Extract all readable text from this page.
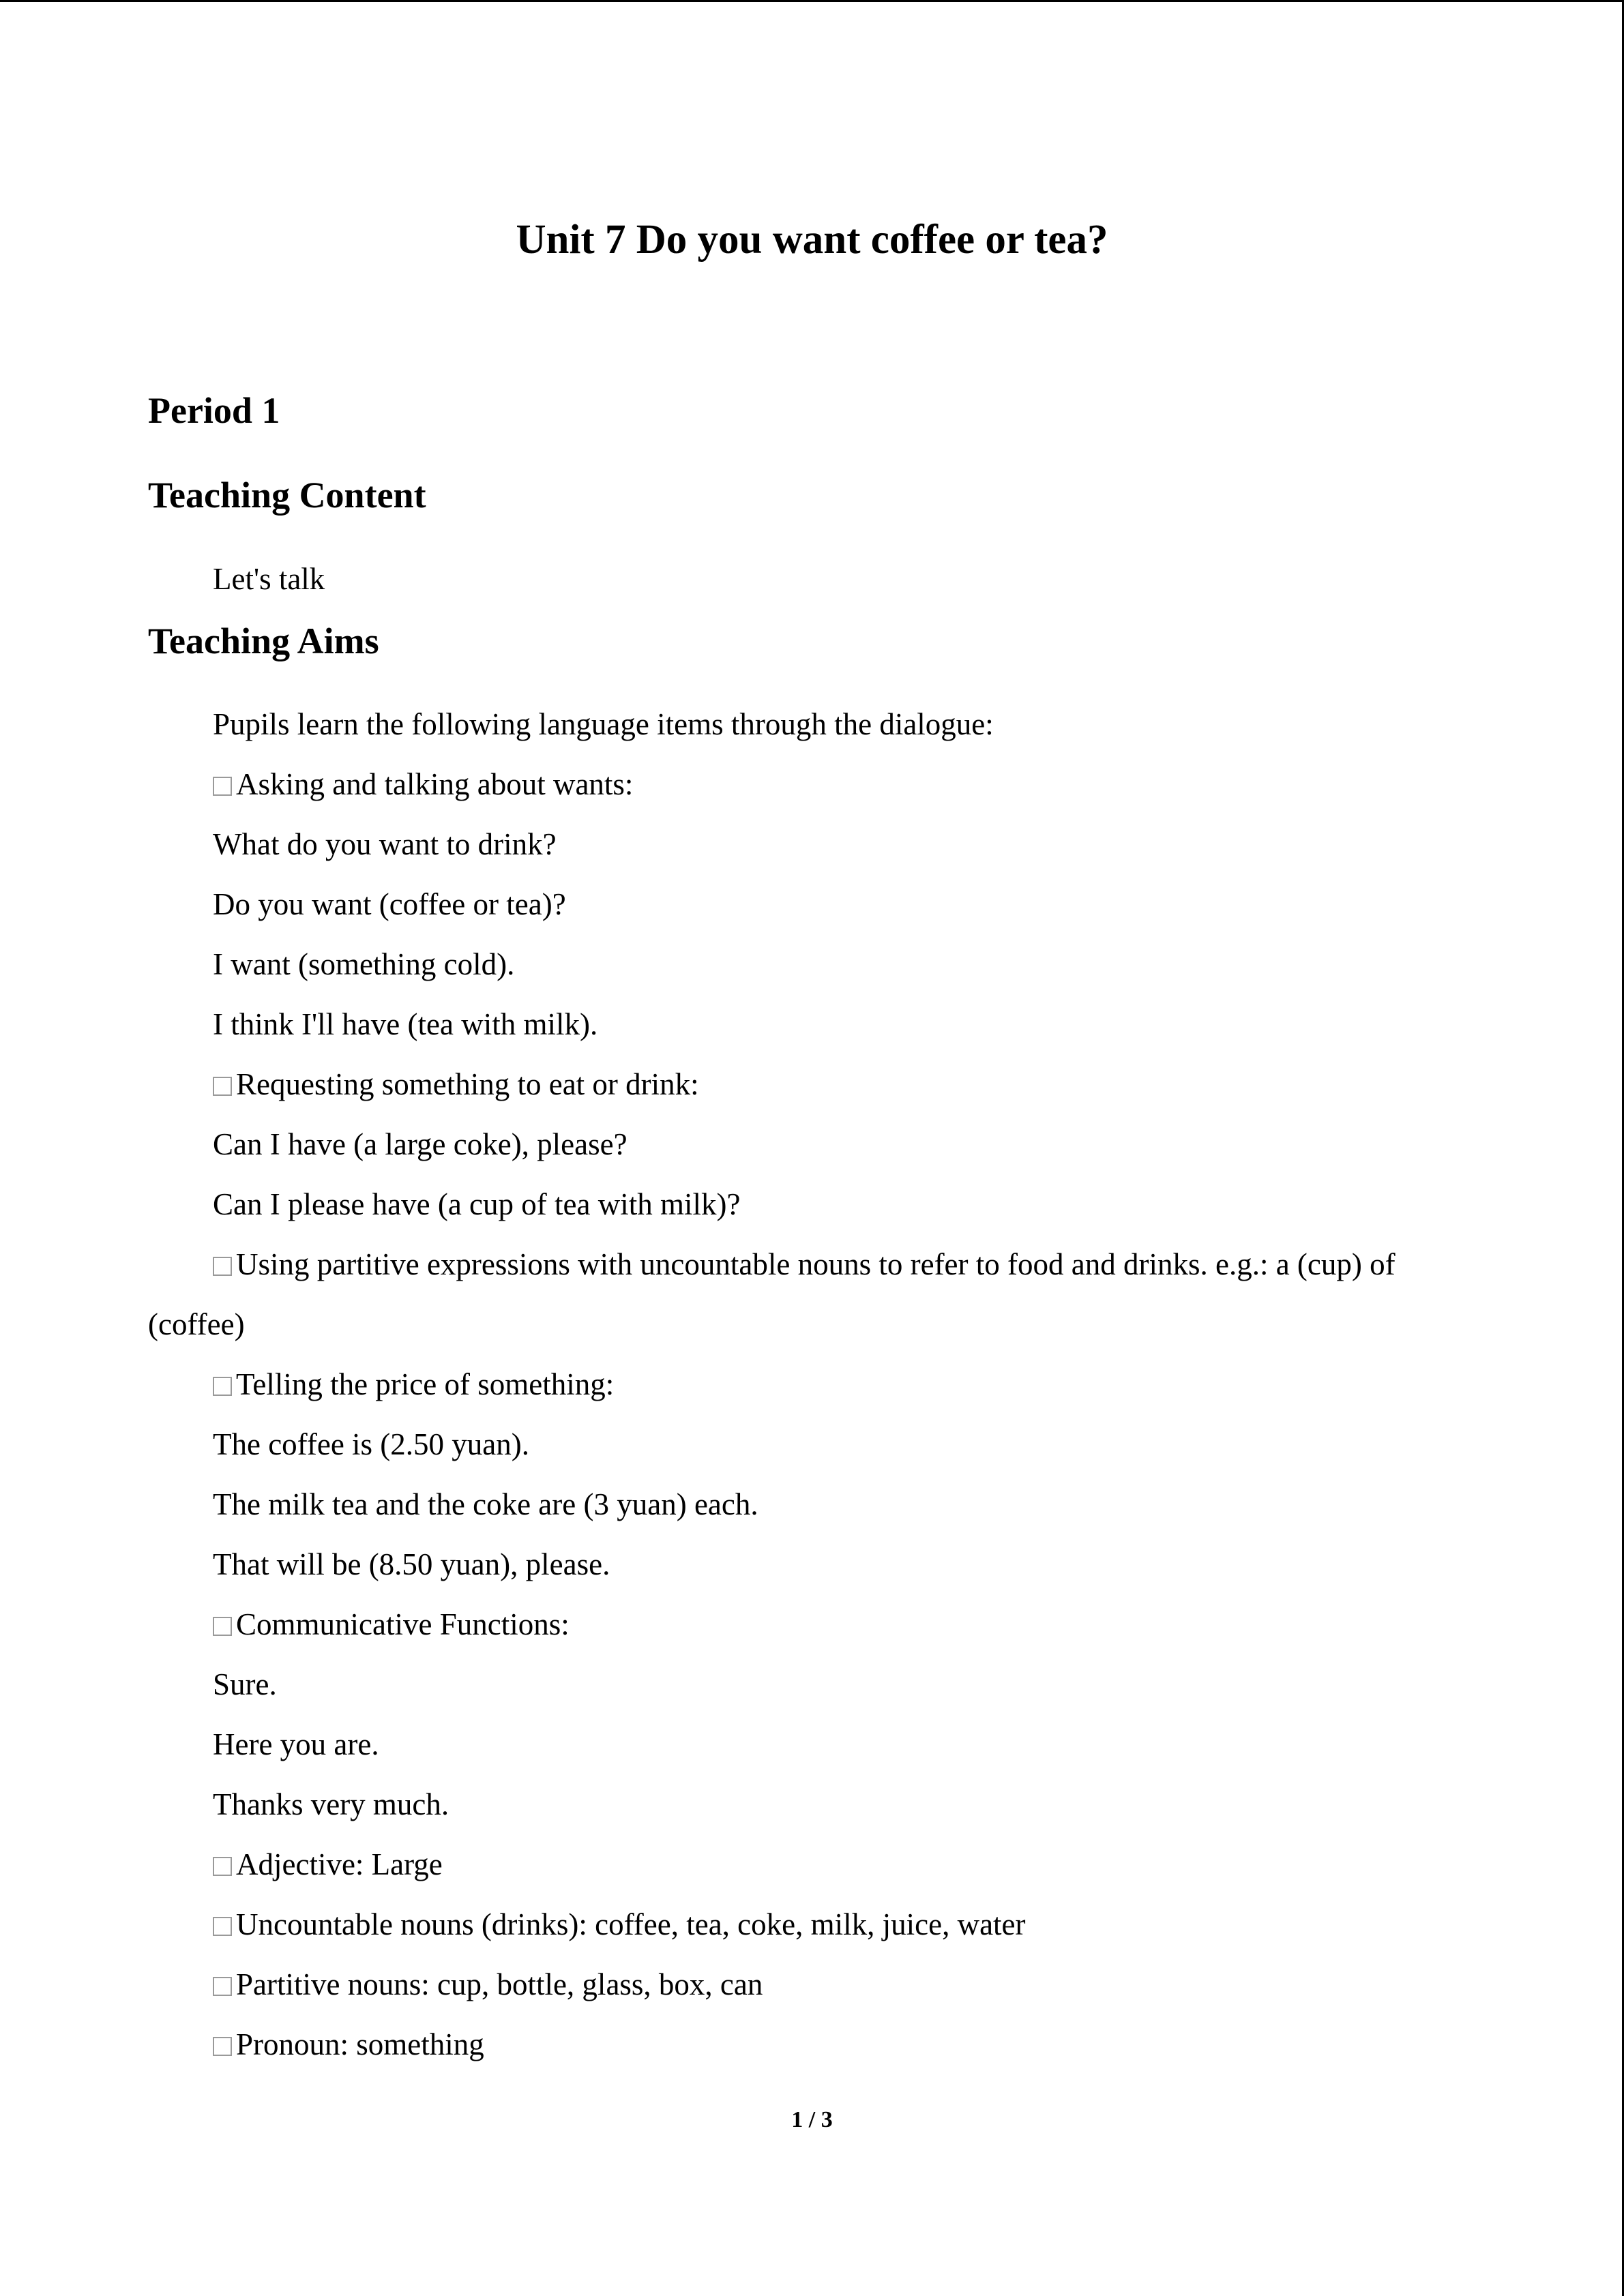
Unit 7 Do you want coffee or tea?
Period 1
Teaching Content

Let's talk

Teaching Aims

Pupils learn the following language items through the dialogue:

Asking and talking about wants:

What do you want to drink?

Do you want (coffee or tea)?

I want (something cold).

I think I'll have (tea with milk).

Requesting something to eat or drink:

Can I have (a large coke), please?

Can I please have (a cup of tea with milk)?

Using partitive expressions with uncountable nouns to refer to food and drinks. e.g.: a (cup) of

(coffee)

Telling the price of something:

The coffee is (2.50 yuan).

The milk tea and the coke are (3 yuan) each.

That will be (8.50 yuan), please.

Communicative Functions:

Sure.

Here you are.

Thanks very much.

Adjective: Large

Uncountable nouns (drinks): coffee, tea, coke, milk, juice, water

Partitive nouns: cup, bottle, glass, box, can

Pronoun: something

1 / 3
